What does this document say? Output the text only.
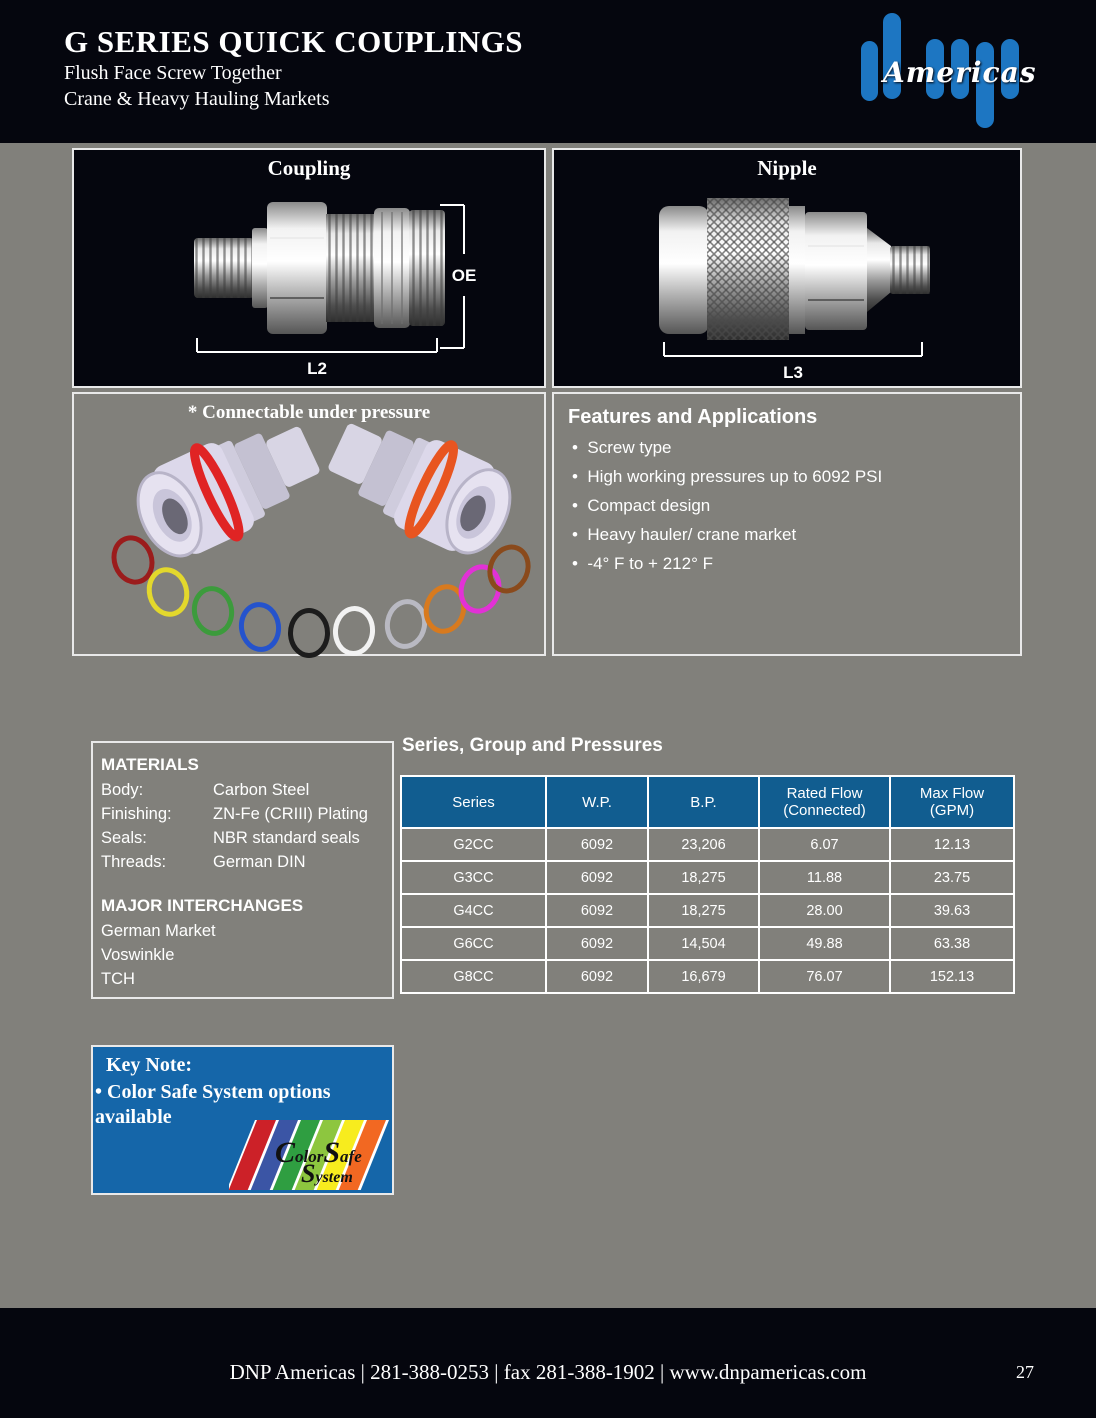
G SERIES QUICK COUPLINGS
Flush Face Screw Together
Crane & Heavy Hauling Markets
Americas
Coupling
OE
L2
Nipple
L3
* Connectable under pressure	Features and Applications
•  Screw type
•  High working pressures up to 6092 PSI
•  Compact design
•  Heavy hauler/ crane market
•  -4° F to + 212° F
MATERIALS
Body:	Carbon Steel
Finishing:	ZN-Fe (CRIII) Plating
Seals:	NBR standard seals
Threads:	German DIN
MAJOR INTERCHANGES
German Market
Voswinkle
TCH
Series, Group and Pressures
Series	W.P.	B.P.	Rated Flow (Connected)	Max Flow (GPM)
G2CC	6092	23,206	6.07	12.13
G3CC	6092	18,275	11.88	23.75
G4CC	6092	18,275	28.00	39.63
G6CC	6092	14,504	49.88	63.38
G8CC	6092	16,679	76.07	152.13
Key Note:
• Color Safe System options available
ColorSafe
System
DNP Americas | 281-388-0253 | fax 281-388-1902 | www.dnpamericas.com	27
